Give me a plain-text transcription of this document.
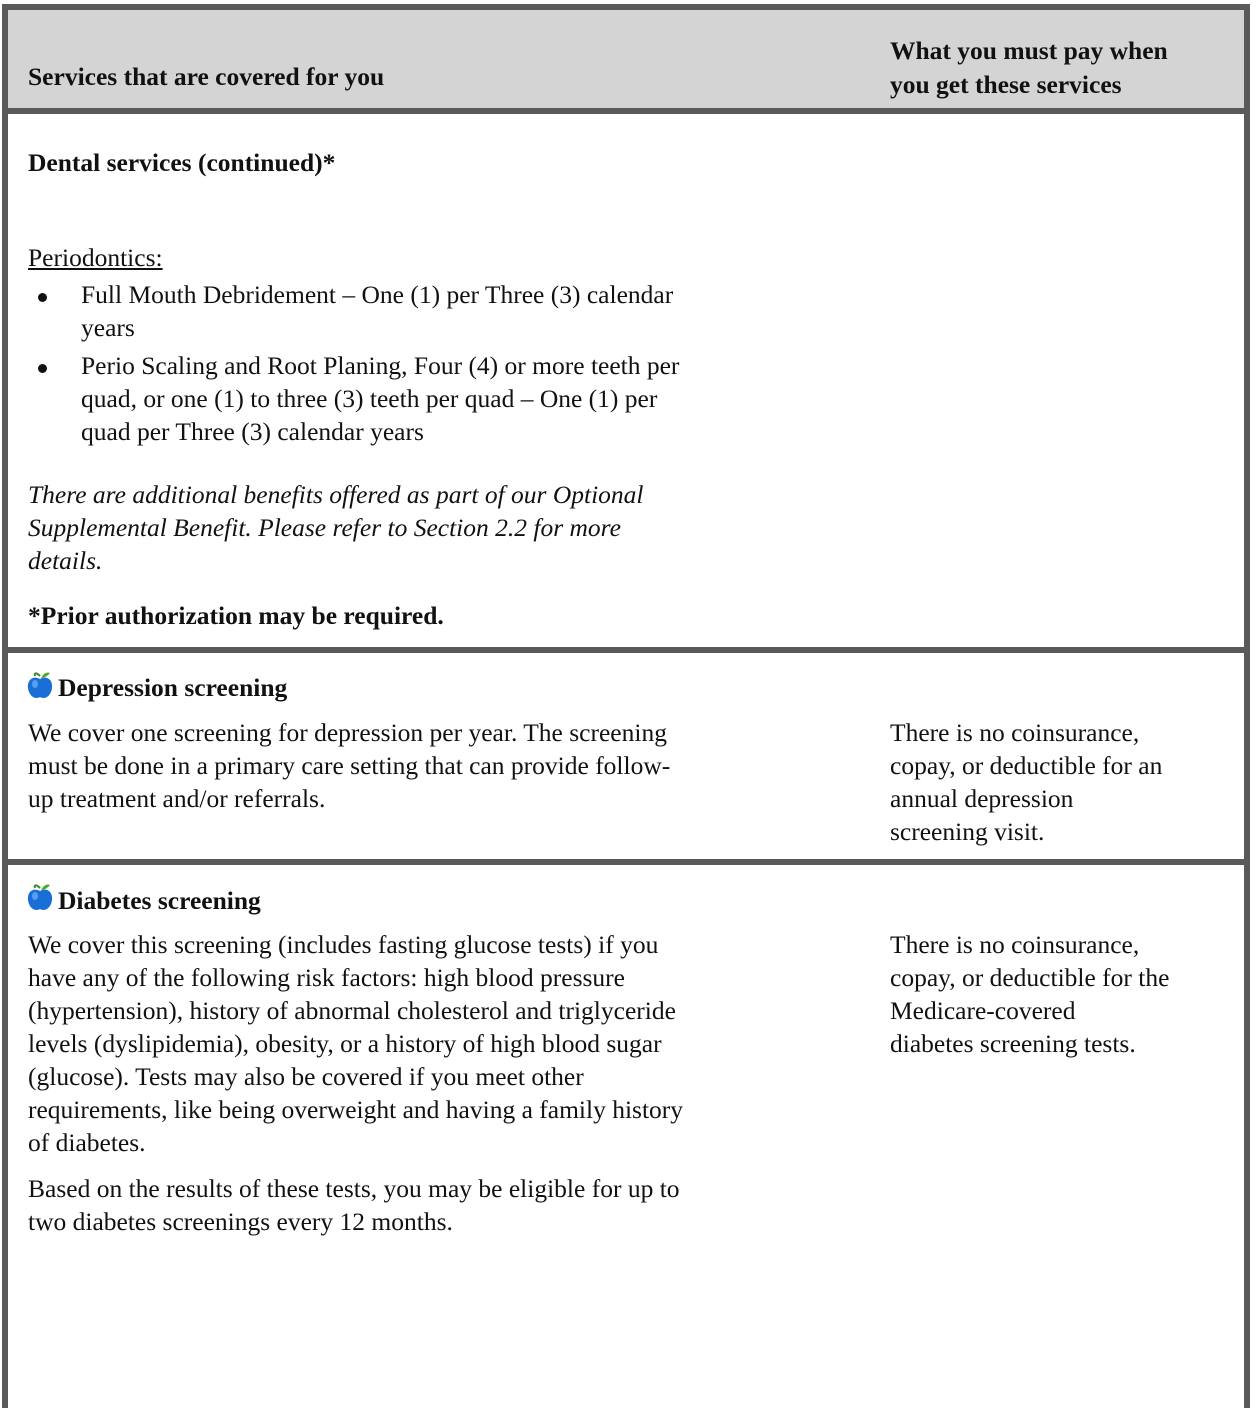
Services that are covered for you
What you must pay when
you get these services
Dental services (continued)*
Periodontics:
Full Mouth Debridement – One (1) per Three (3) calendar
years
Perio Scaling and Root Planing, Four (4) or more teeth per
quad, or one (1) to three (3) teeth per quad – One (1) per
quad per Three (3) calendar years
There are additional benefits offered as part of our Optional
Supplemental Benefit. Please refer to Section 2.2 for more
details.
*Prior authorization may be required.
Depression screening
We cover one screening for depression per year. The screening
must be done in a primary care setting that can provide follow-
up treatment and/or referrals.
There is no coinsurance,
copay, or deductible for an
annual depression
screening visit.
Diabetes screening
We cover this screening (includes fasting glucose tests) if you
have any of the following risk factors: high blood pressure
(hypertension), history of abnormal cholesterol and triglyceride
levels (dyslipidemia), obesity, or a history of high blood sugar
(glucose). Tests may also be covered if you meet other
requirements, like being overweight and having a family history
of diabetes.
Based on the results of these tests, you may be eligible for up to
two diabetes screenings every 12 months.
There is no coinsurance,
copay, or deductible for the
Medicare-covered
diabetes screening tests.
